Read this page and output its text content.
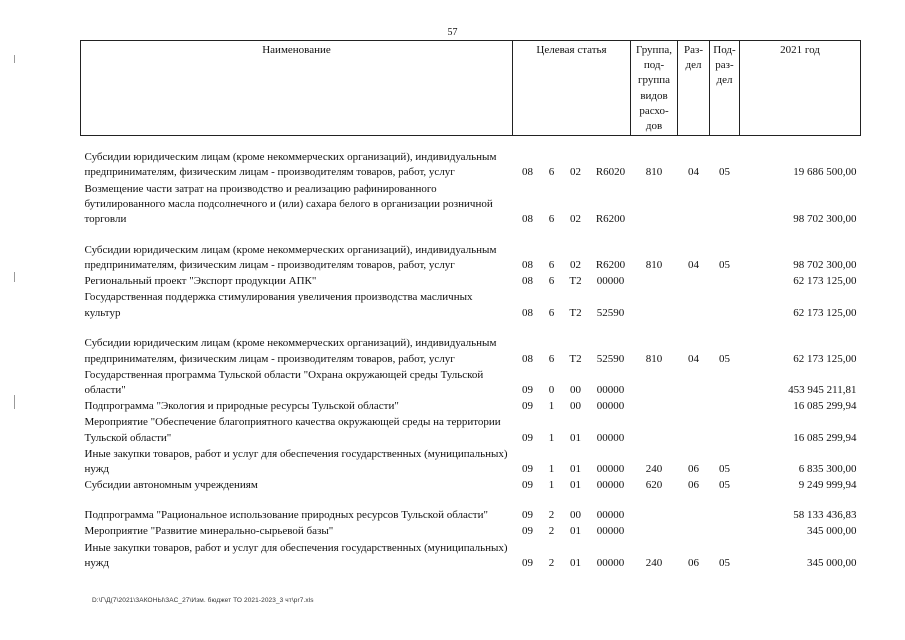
57
Наименование	Целевая статья				Группа, под-группа видов расхо-дов	Раз-дел	Под-раз-дел	2021 год
Субсидии юридическим лицам (кроме некоммерческих организаций), индивидуальным предпринимателям, физическим лицам - производителям товаров, работ, услуг	08	6	02	R6020	810	04	05	19 686 500,00
Возмещение части затрат на производство и реализацию рафинированного бутилированного масла подсолнечного и (или) сахара белого в организации розничной торговли	08	6	02	R6200				98 702 300,00
Субсидии юридическим лицам (кроме некоммерческих организаций), индивидуальным предпринимателям, физическим лицам - производителям товаров, работ, услуг	08	6	02	R6200	810	04	05	98 702 300,00
Региональный проект "Экспорт продукции АПК"	08	6	T2	00000				62 173 125,00
Государственная поддержка стимулирования увеличения производства масличных культур	08	6	T2	52590				62 173 125,00
Субсидии юридическим лицам (кроме некоммерческих организаций), индивидуальным предпринимателям, физическим лицам - производителям товаров, работ, услуг	08	6	T2	52590	810	04	05	62 173 125,00
Государственная программа Тульской области "Охрана окружающей среды Тульской области"	09	0	00	00000				453 945 211,81
Подпрограмма "Экология и природные ресурсы Тульской области"	09	1	00	00000				16 085 299,94
Мероприятие "Обеспечение благоприятного качества окружающей среды на территории Тульской области"	09	1	01	00000				16 085 299,94
Иные закупки товаров, работ и услуг для обеспечения государственных (муниципальных) нужд	09	1	01	00000	240	06	05	6 835 300,00
Субсидии автономным учреждениям	09	1	01	00000	620	06	05	9 249 999,94
Подпрограмма "Рациональное использование природных ресурсов Тульской области"	09	2	00	00000				58 133 436,83
Мероприятие "Развитие минерально-сырьевой базы"	09	2	01	00000				345 000,00
Иные закупки товаров, работ и услуг для обеспечения государственных (муниципальных) нужд	09	2	01	00000	240	06	05	345 000,00
D:\Г\Д(7\2021\ЗАКОНЫ\ЗАС_27\Изм. бюджет ТО 2021-2023_3 чт\pr7.xls
